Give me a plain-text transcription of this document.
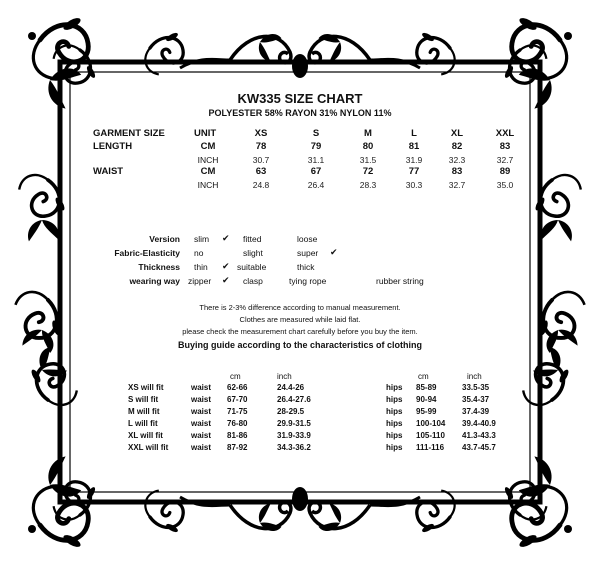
KW335 SIZE CHART
POLYESTER 58% RAYON 31% NYLON 11%
GARMENT SIZE	UNIT	XS	S	M	L	XL	XXL
LENGTH	CM	78	79	80	81	82	83
INCH	30.7	31.1	31.5	31.9	32.3	32.7
WAIST	CM	63	67	72	77	83	89
INCH	24.8	26.4	28.3	30.3	32.7	35.0
Version slim ✔ fitted	loose
Fabric-Elasticity no	slight	super ✔
Thickness thin ✔ suitable	thick
wearing way zipper ✔ clasp	tying rope	rubber string
There is 2-3% difference according to manual measurement.
Clothes are measured while laid flat.
please check the measurement chart carefully before you buy the item.
Buying guide according to the characteristics of clothing
cm	inch	cm	inch
XS will fit	waist 62-66	24.4-26	hips 85-89	33.5-35
S will fit	waist 67-70	26.4-27.6	hips 90-94	35.4-37
M will fit	waist 71-75	28-29.5	hips 95-99	37.4-39
L will fit	waist 76-80	29.9-31.5	hips 100-104 39.4-40.9
XL will fit	waist 81-86	31.9-33.9	hips 105-110 41.3-43.3
XXL will fit	waist 87-92	34.3-36.2	hips 111-116 43.7-45.7
